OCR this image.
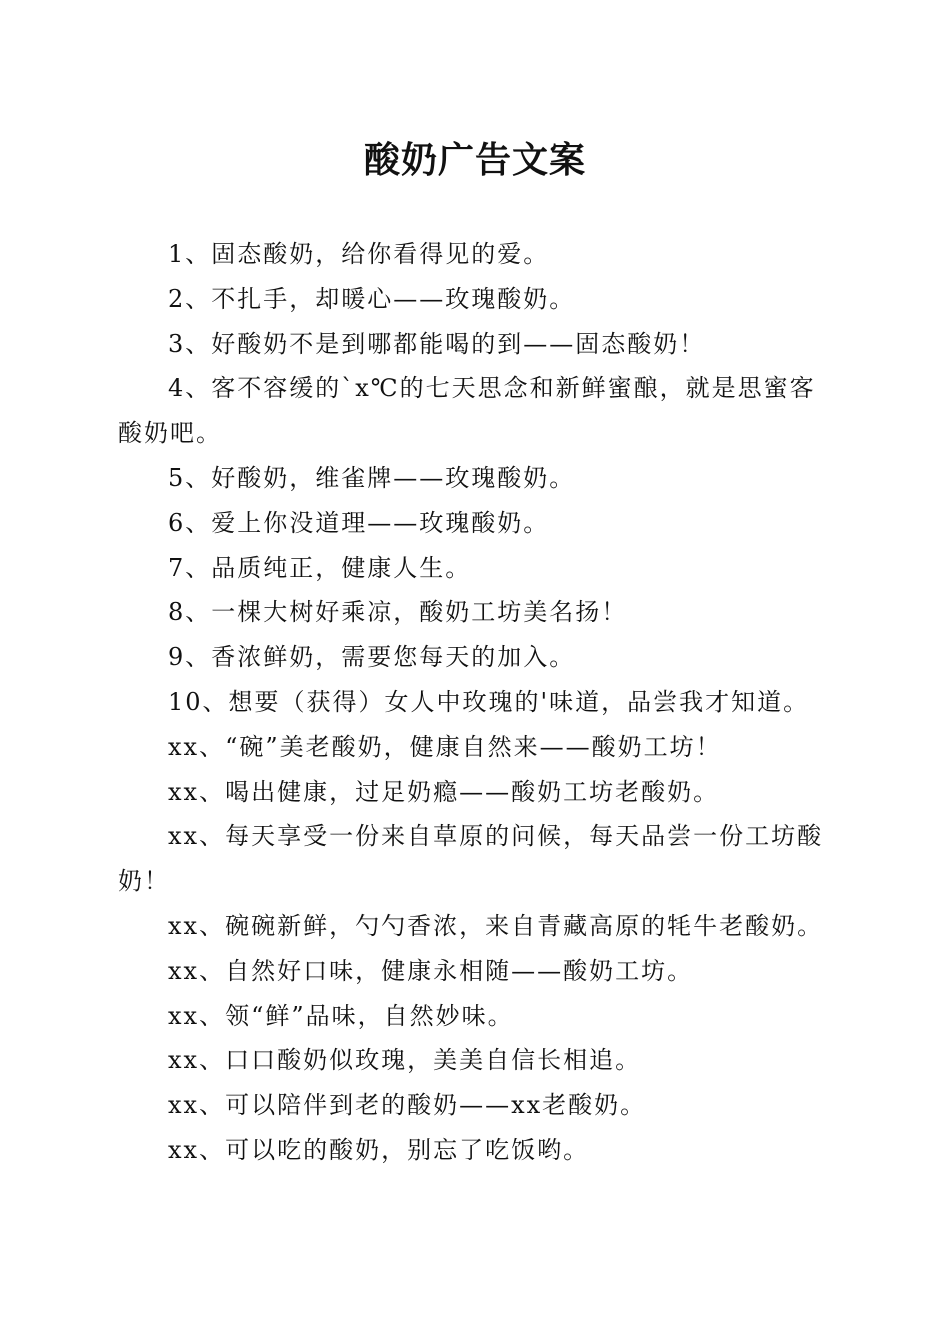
酸奶广告文案

1、固态酸奶，给你看得见的爱。

2、不扎手，却暖心——玫瑰酸奶。

3、好酸奶不是到哪都能喝的到——固态酸奶！

4、客不容缓的`x℃的七天思念和新鲜蜜酿，就是思蜜客酸奶吧。

5、好酸奶，维雀牌——玫瑰酸奶。

6、爱上你没道理——玫瑰酸奶。

7、品质纯正，健康人生。

8、一棵大树好乘凉，酸奶工坊美名扬！

9、香浓鲜奶，需要您每天的加入。

10、想要（获得）女人中玫瑰的'味道，品尝我才知道。

xx、“碗”美老酸奶，健康自然来——酸奶工坊！

xx、喝出健康，过足奶瘾——酸奶工坊老酸奶。

xx、每天享受一份来自草原的问候，每天品尝一份工坊酸奶！

xx、碗碗新鲜，勺勺香浓，来自青藏高原的牦牛老酸奶。

xx、自然好口味，健康永相随——酸奶工坊。

xx、领“鲜”品味，自然妙味。

xx、口口酸奶似玫瑰，美美自信长相追。

xx、可以陪伴到老的酸奶——xx老酸奶。

xx、可以吃的酸奶，别忘了吃饭哟。
